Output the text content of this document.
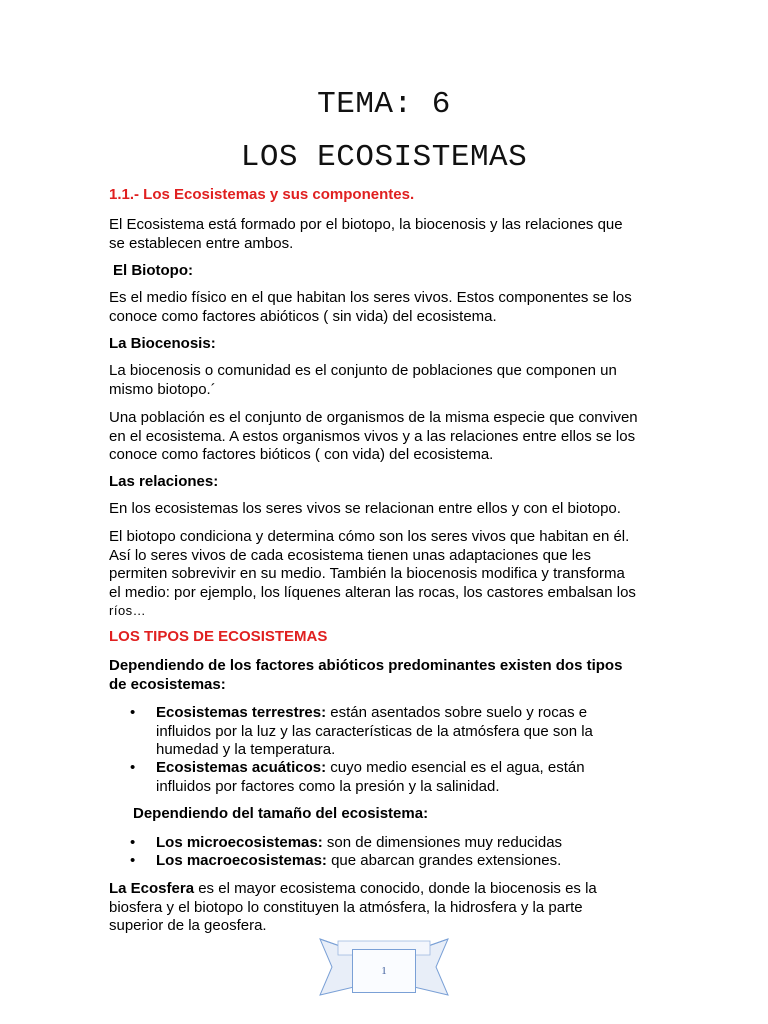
TEMA: 6
LOS ECOSISTEMAS
1.1.- Los Ecosistemas y sus componentes.
El Ecosistema está formado por el biotopo, la biocenosis y las relaciones que
se establecen entre ambos.
El Biotopo:
Es el medio físico en el que habitan los seres vivos. Estos componentes se los
conoce como factores abióticos ( sin vida) del ecosistema.
La Biocenosis:
La biocenosis o comunidad es el conjunto de poblaciones que componen un
mismo biotopo.´
Una población es el conjunto de organismos de la misma especie que conviven
en el ecosistema. A estos organismos vivos y a las relaciones entre ellos se los
conoce como factores bióticos ( con vida) del ecosistema.
Las relaciones:
En los ecosistemas los seres vivos se relacionan entre ellos y con el biotopo.
El biotopo condiciona y determina cómo son los seres vivos que habitan en él.
Así lo seres vivos de cada ecosistema tienen unas adaptaciones que les
permiten sobrevivir en su medio. También la biocenosis modifica y transforma
el medio: por ejemplo, los líquenes alteran las rocas, los castores embalsan los
ríos…
LOS TIPOS DE ECOSISTEMAS
Dependiendo de los factores abióticos predominantes existen dos tipos
de ecosistemas:
•	Ecosistemas terrestres: están asentados sobre suelo y rocas e
influidos por la luz y las características de la atmósfera que son la
humedad y la temperatura.
•	Ecosistemas acuáticos: cuyo medio esencial es el agua, están
influidos por factores como la presión y la salinidad.
Dependiendo del tamaño del ecosistema:
•	Los microecosistemas: son de dimensiones muy reducidas
•	Los macroecosistemas: que abarcan grandes extensiones.
La Ecosfera es el mayor ecosistema conocido, donde la biocenosis es la
biosfera y el biotopo lo constituyen la atmósfera, la hidrosfera y la parte
superior de la geosfera.
1
